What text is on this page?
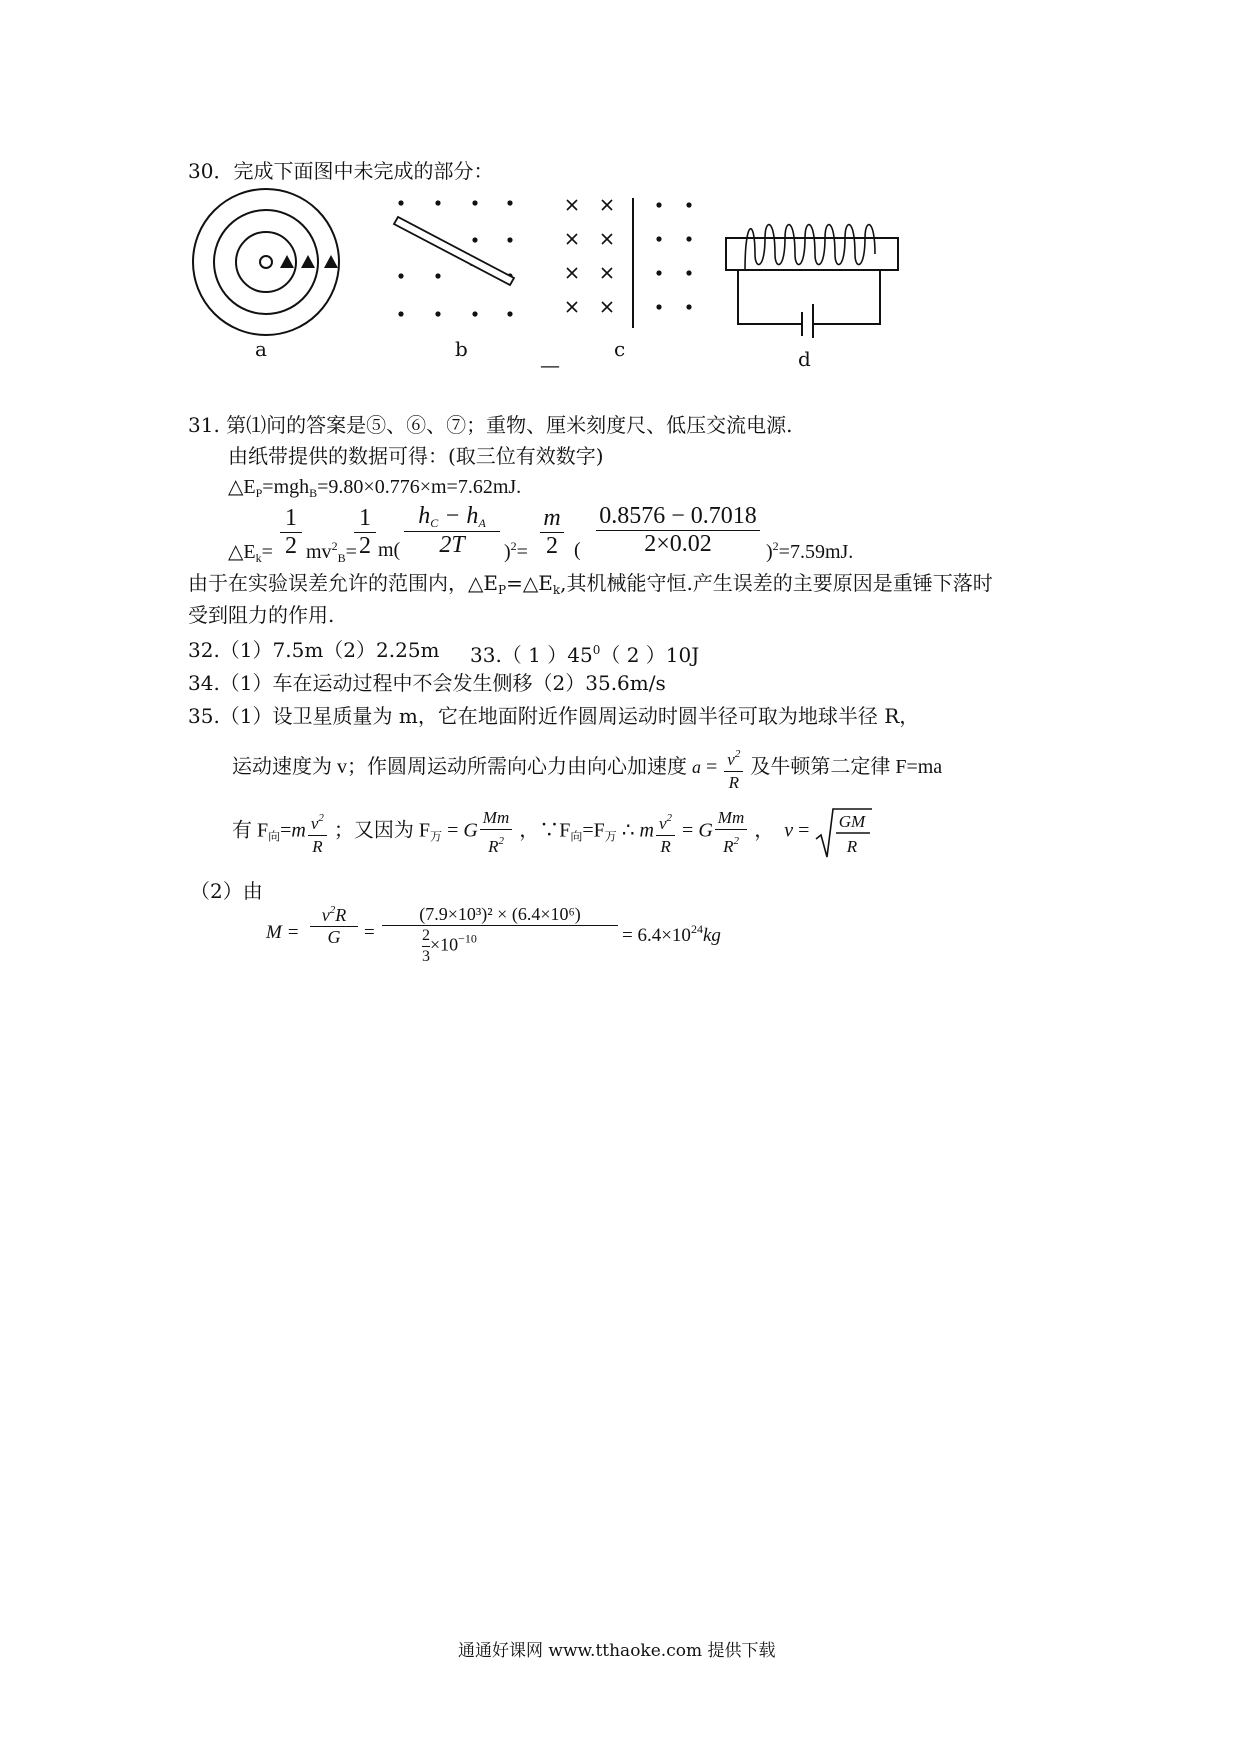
30．完成下面图中未完成的部分：
a	b	c
—	d
31. 第⑴问的答案是⑤、⑥、⑦；重物、厘米刻度尺、低压交流电源.
由纸带提供的数据可得：(取三位有效数字)
$\triangle E_P=mgh_B=9.80\times 0.776\times m=7.62mJ$.
$\triangle E_k= \frac{1}{2} mv^2_B=$
$\frac{1}{2} m$(
$h_C - h_A$
2T	)$^2= \frac{m}{2}$ ( $\frac{0.8576 - 0.7018}{2\times 0.02} )^2=7.59mJ$.
由于在实验误差允许的范围内，$\triangle E_P=\triangle E_k$,其机械能守恒.产生误差的主要原因是重锤下落时
受到阻力的作用.
32.（1）7.5m（2）2.25m 33.（ 1 ）$45^0$（ 2 ）10J
34.（1）车在运动过程中不会发生侧移（2）35.6m/s
35.（1）设卫星质量为 m，它在地面附近作圆周运动时圆半径可取为地球半径 R，
运动速度为 v；作圆周运动所需向心力由向心加速度 $a = \frac{v^2}{R}$ 及牛顿第二定律 F=ma
有 $F_向=m \frac{v^2}{R}$ ；又因为 $F_万 = G \frac{Mm}{R^2}$ ，$\because F_向=F_万$ ∴ m $\frac{v^2}{R} = G \frac{Mm}{R^2}$ ，  v = GM
R
（2）由
M =
$v^2R$
G	=
(7.9×10³)² × (6.4×10⁶)
$\frac{2}{3} \times 10^{-10}$	= $6.4\times 10^{24}kg$
通通好课网 www.tthaoke.com 提供下载
